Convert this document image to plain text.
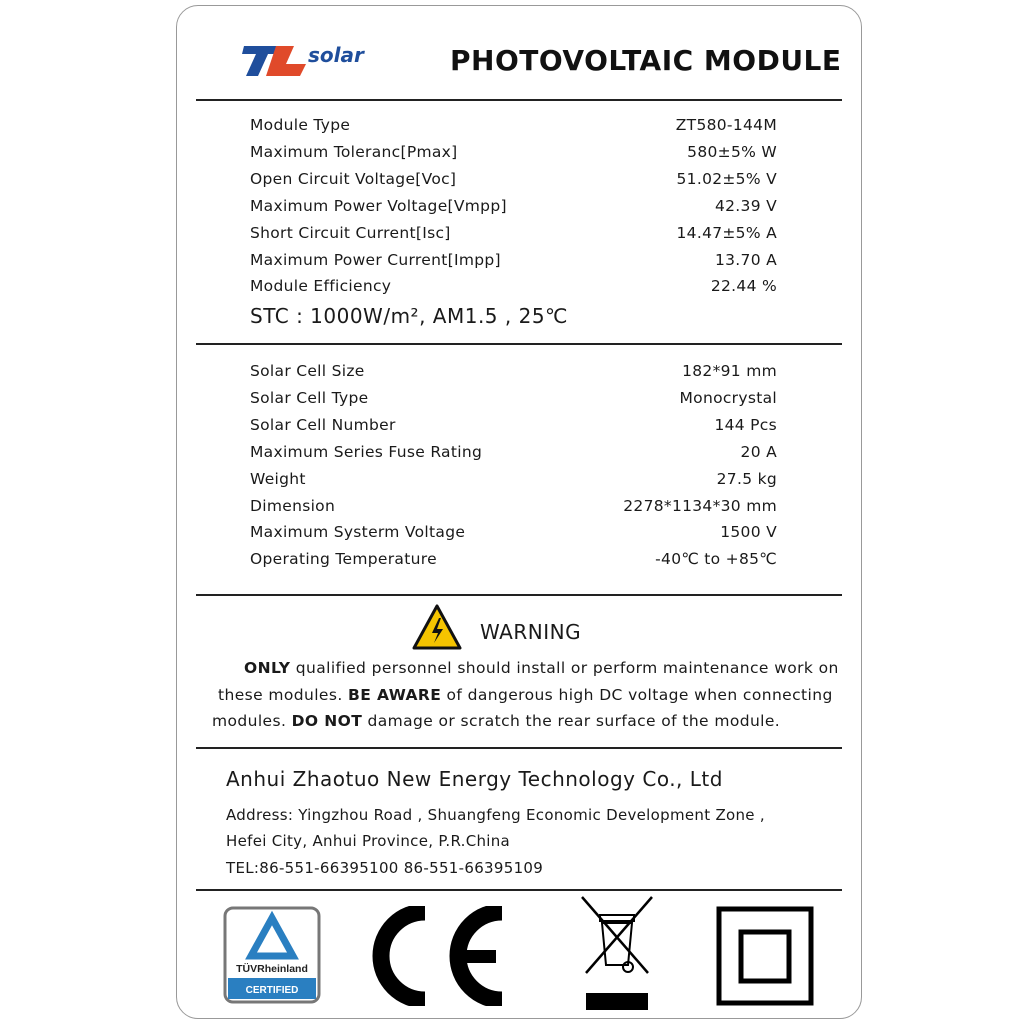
solar	PHOTOVOLTAIC MODULE
Module Type	ZT580-144M
Maximum Toleranc[Pmax]	580±5% W
Open Circuit Voltage[Voc]	51.02±5% V
Maximum Power Voltage[Vmpp]	42.39 V
Short Circuit Current[Isc]	14.47±5% A
Maximum Power Current[Impp]	13.70 A
Module Efficiency	22.44 %
STC : 1000W/m², AM1.5 , 25℃
Solar Cell Size	182*91 mm
Solar Cell Type	Monocrystal
Solar Cell Number	144 Pcs
Maximum Series Fuse Rating	20 A
Weight	27.5 kg
Dimension	2278*1134*30 mm
Maximum Systerm Voltage	1500 V
Operating Temperature	-40℃ to +85℃
WARNING
ONLY qualified personnel should install or perform maintenance work on
these modules. BE AWARE of dangerous high DC voltage when connecting
modules. DO NOT damage or scratch the rear surface of the module.
Anhui Zhaotuo New Energy Technology Co., Ltd
Address: Yingzhou Road , Shuangfeng Economic Development Zone ,
Hefei City, Anhui Province, P.R.China
TEL:86-551-66395100 86-551-66395109
TÜVRheinland
CERTIFIED
